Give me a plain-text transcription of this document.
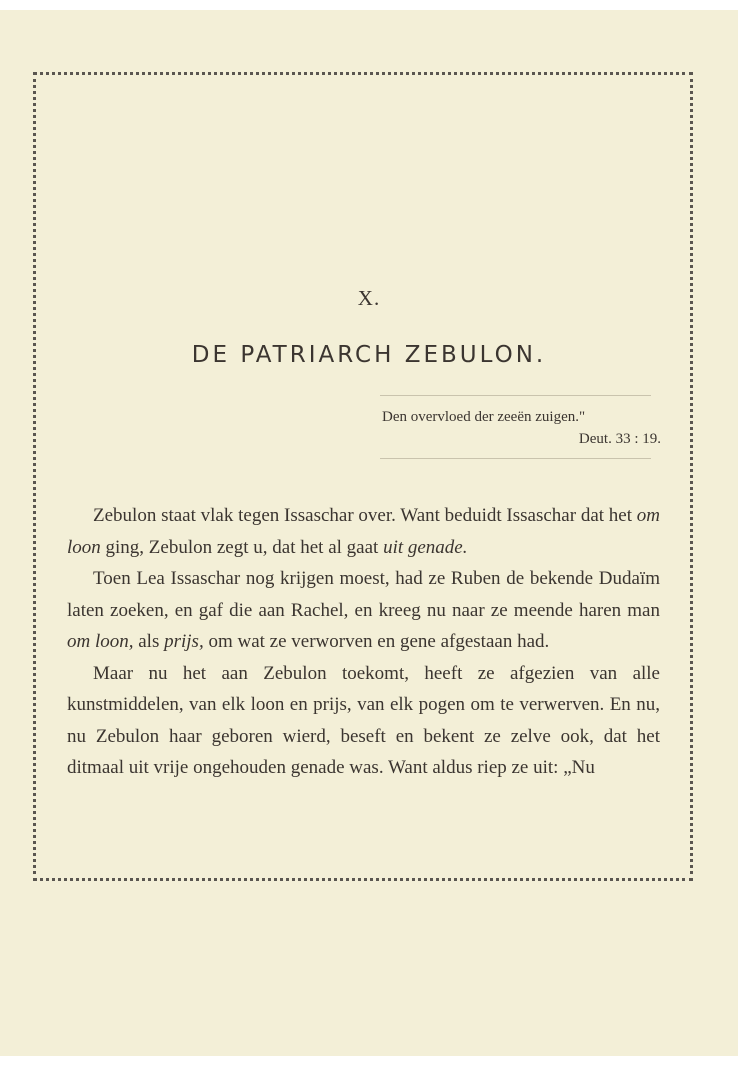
X.
DE PATRIARCH ZEBULON.
Den overvloed der zeeën zuigen."
Deut. 33 : 19.

Zebulon staat vlak tegen Issaschar over. Want beduidt Issaschar dat het om loon ging, Zebulon zegt u, dat het al gaat uit genade.

Toen Lea Issaschar nog krijgen moest, had ze Ruben de bekende Dudaïm laten zoeken, en gaf die aan Rachel, en kreeg nu naar ze meende haren man om loon, als prijs, om wat ze verworven en gene afgestaan had.

Maar nu het aan Zebulon toekomt, heeft ze afgezien van alle kunstmiddelen, van elk loon en prijs, van elk pogen om te verwerven. En nu, nu Zebulon haar geboren wierd, beseft en bekent ze zelve ook, dat het ditmaal uit vrije ongehouden genade was. Want aldus riep ze uit: „Nu
